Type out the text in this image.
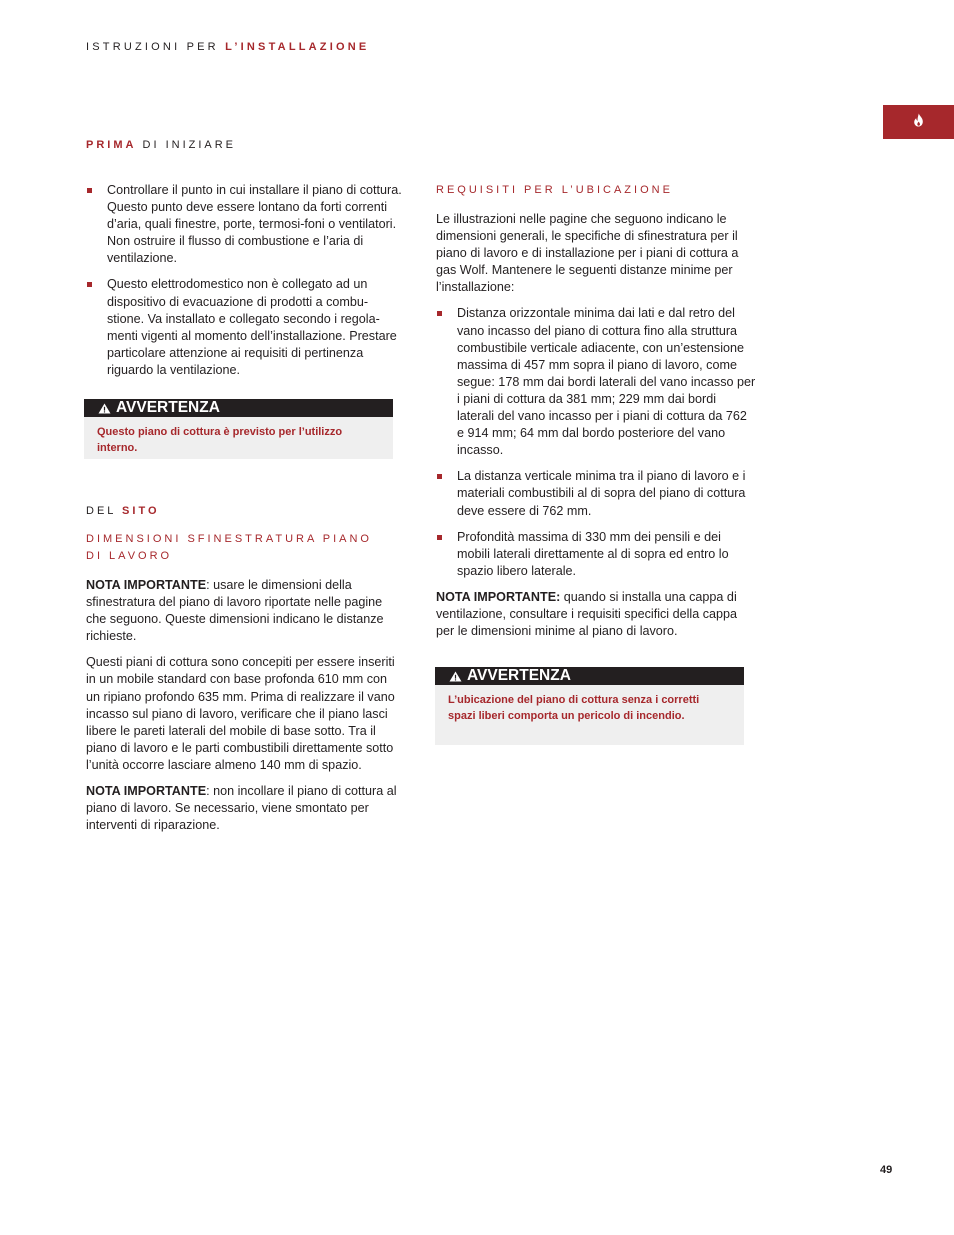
ISTRUZIONI PER L’INSTALLAZIONE
PRIMA DI INIZIARE
Controllare il punto in cui installare il piano di cottura. Questo punto deve essere lontano da forti correnti d’aria, quali finestre, porte, termosi-foni o ventilatori. Non ostruire il flusso di combustione e l’aria di ventilazione.
Questo elettrodomestico non è collegato ad un dispositivo di evacuazione di prodotti a combu-stione. Va installato e collegato secondo i regola-menti vigenti al momento dell’installazione. Prestare particolare attenzione ai requisiti di pertinenza riguardo la ventilazione.
AVVERTENZA
Questo piano di cottura è previsto per l’utilizzo interno.
DEL SITO
DIMENSIONI SFINESTRATURA PIANO DI LAVORO

NOTA IMPORTANTE: usare le dimensioni della sfinestratura del piano di lavoro riportate nelle pagine che seguono. Queste dimensioni indicano le distanze richieste.

Questi piani di cottura sono concepiti per essere inseriti in un mobile standard con base profonda 610 mm con un ripiano profondo 635 mm. Prima di realizzare il vano incasso sul piano di lavoro, verificare che il piano lasci libere le pareti laterali del mobile di base sotto. Tra il piano di lavoro e le parti combustibili direttamente sotto l’unità occorre lasciare almeno 140 mm di spazio.

NOTA IMPORTANTE: non incollare il piano di cottura al piano di lavoro. Se necessario, viene smontato per interventi di riparazione.

REQUISITI PER L’UBICAZIONE

Le illustrazioni nelle pagine che seguono indicano le dimensioni generali, le specifiche di sfinestratura per il piano di lavoro e di installazione per i piani di cottura a gas Wolf. Mantenere le seguenti distanze minime per l’installazione:

Distanza orizzontale minima dai lati e dal retro del vano incasso del piano di cottura fino alla struttura combustibile verticale adiacente, con un’estensione massima di 457 mm sopra il piano di lavoro, come segue: 178 mm dai bordi laterali del vano incasso per i piani di cottura da 381 mm; 229 mm dai bordi laterali del vano incasso per i piani di cottura da 762 e 914 mm; 64 mm dal bordo posteriore del vano incasso.
La distanza verticale minima tra il piano di lavoro e i materiali combustibili al di sopra del piano di cottura deve essere di 762 mm.
Profondità massima di 330 mm dei pensili e dei mobili laterali direttamente al di sopra ed entro lo spazio libero laterale.

NOTA IMPORTANTE: quando si installa una cappa di ventilazione, consultare i requisiti specifici della cappa per le dimensioni minime al piano di lavoro.

AVVERTENZA
L’ubicazione del piano di cottura senza i corretti spazi liberi comporta un pericolo di incendio.
49
